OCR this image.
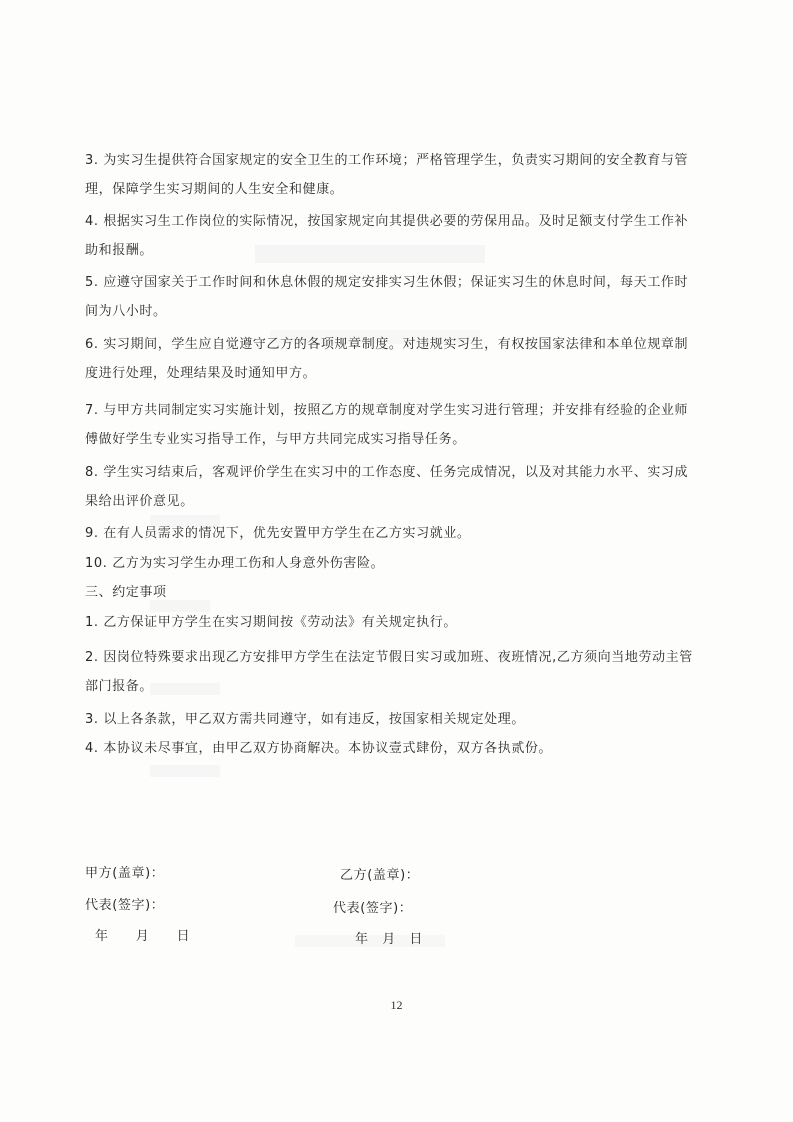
3. 为实习生提供符合国家规定的安全卫生的工作环境；严格管理学生，负责实习期间的安全教育与管理，保障学生实习期间的人生安全和健康。

4. 根据实习生工作岗位的实际情况，按国家规定向其提供必要的劳保用品。及时足额支付学生工作补助和报酬。

5. 应遵守国家关于工作时间和休息休假的规定安排实习生休假；保证实习生的休息时间，每天工作时间为八小时。

6. 实习期间，学生应自觉遵守乙方的各项规章制度。对违规实习生，有权按国家法律和本单位规章制度进行处理，处理结果及时通知甲方。

7. 与甲方共同制定实习实施计划，按照乙方的规章制度对学生实习进行管理；并安排有经验的企业师傅做好学生专业实习指导工作，与甲方共同完成实习指导任务。

8. 学生实习结束后，客观评价学生在实习中的工作态度、任务完成情况，以及对其能力水平、实习成果给出评价意见。

9. 在有人员需求的情况下，优先安置甲方学生在乙方实习就业。

10. 乙方为实习学生办理工伤和人身意外伤害险。

三、约定事项

1. 乙方保证甲方学生在实习期间按《劳动法》有关规定执行。

2. 因岗位特殊要求出现乙方安排甲方学生在法定节假日实习或加班、夜班情况,乙方须向当地劳动主管部门报备。

3. 以上各条款，甲乙双方需共同遵守，如有违反，按国家相关规定处理。

4. 本协议未尽事宜，由甲乙双方协商解决。本协议壹式肆份，双方各执贰份。

甲方(盖章)：	乙方(盖章)：

代表(签字)：	代表(签字)：

年　　月　　日	年　月　日

12
